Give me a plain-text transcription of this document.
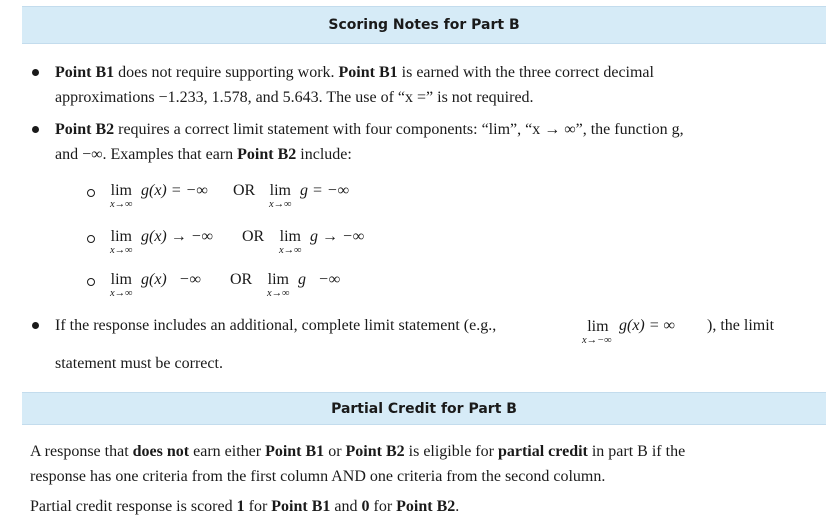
Scoring Notes for Part B
Point B1 does not require supporting work. Point B1 is earned with the three correct decimal
approximations −1.233, 1.578, and 5.643. The use of “x =” is not required.
Point B2 requires a correct limit statement with four components: “lim”, “x → ∞”, the function g,
and −∞. Examples that earn Point B2 include:
lim
x→∞
g(x) = −∞ OR lim
x→∞
g = −∞
lim
x→∞
g(x) → −∞ OR lim
x→∞
g → −∞
lim
x→∞
g(x)   −∞ OR lim
x→∞
g   −∞
If the response includes an additional, complete limit statement (e.g.,	lim
x→−∞
g(x) = ∞ ), the limit
statement must be correct.
Partial Credit for Part B
A response that does not earn either Point B1 or Point B2 is eligible for partial credit in part B if the
response has one criteria from the first column AND one criteria from the second column.
Partial credit response is scored 1 for Point B1 and 0 for Point B2.
